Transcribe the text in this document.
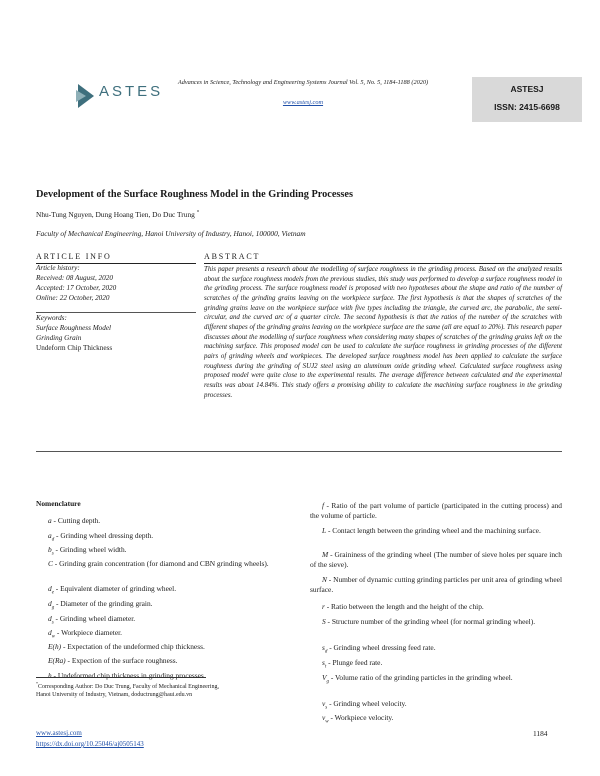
ASTES
Advances in Science, Technology and Engineering Systems Journal Vol. 5, No. 5, 1184-1188 (2020)
www.astesj.com
ASTESJ
ISSN: 2415-6698
Development of the Surface Roughness Model in the Grinding Processes
Nhu-Tung Nguyen, Dung Hoang Tien, Do Duc Trung *
Faculty of Mechanical Engineering, Hanoi University of Industry, Hanoi, 100000, Vietnam
ARTICLE INFO
Article history:
Received: 08 August, 2020
Accepted: 17 October, 2020
Online: 22 October, 2020
Keywords:
Surface Roughness Model
Grinding Grain
Undeform Chip Thickness
ABSTRACT
This paper presents a research about the modelling of surface roughness in the grinding process. Based on the analyzed results about the surface roughness models from the previous studies, this study was performed to develop a surface roughness model in the grinding process. The surface roughness model is proposed with two hypotheses about the shape and ratio of the number of scratches of the grinding grains leaving on the workpiece surface. The first hypothesis is that the shapes of scratches of the grinding grains leave on the workpiece surface with five types including the triangle, the curved arc, the parabolic, the semi-circular, and the curved arc of a quarter circle. The second hypothesis is that the ratios of the number of the scratches with different shapes of the grinding grains leaving on the workpiece surface are the same (all are equal to 20%). This research paper discusses about the modelling of surface roughness when considering many shapes of scratches of the grinding grains left on the machining surface. This proposed model can be used to calculate the surface roughness in grinding processes of the different pairs of grinding wheels and workpieces. The developed surface roughness model has been applied to calculate the surface roughness during the grinding of SUJ2 steel using an aluminum oxide grinding wheel. Calculated surface roughness using proposed model were quite close to the experimental results. The average difference between calculated and the experimental results was about 14.84%. This study offers a promising ability to calculate the machining surface roughness in the grinding processes.
Nomenclature
a - Cutting depth.
$a_d$ - Grinding wheel dressing depth.
$b_s$ - Grinding wheel width.
C - Grinding grain concentration (for diamond and CBN grinding wheels).
$d_e$ - Equivalent diameter of grinding wheel.
$d_g$ - Diameter of the grinding grain.
$d_s$ - Grinding wheel diameter.
$d_w$ - Workpiece diameter.
E(h) - Expectation of the undeformed chip thickness.
E(Ra) - Expection of the surface roughness.
h - Undeformed chip thickness in grinding processes.
f - Ratio of the part volume of particle (participated in the cutting process) and the volume of particle.
L - Contact length between the grinding wheel and the machining surface.
M - Graininess of the grinding wheel (The number of sieve holes per square inch of the sieve).
N - Number of dynamic cutting grinding particles per unit area of grinding wheel surface.
r - Ratio between the length and the height of the chip.
S - Structure number of the grinding wheel (for normal grinding wheel).
$s_d$ - Grinding wheel dressing feed rate.
$s_t$ - Plunge feed rate.
$V_g$ - Volume ratio of the grinding particles in the grinding wheel.
$v_s$ - Grinding wheel velocity.
$v_w$ - Workpiece velocity.
*Corresponding Author: Do Duc Trung, Faculty of Mechanical Engineering,
Hanoi University of Industry, Vietnam, doductrung@haui.edu.vn
www.astesj.com
https://dx.doi.org/10.25046/aj0505143
1184
